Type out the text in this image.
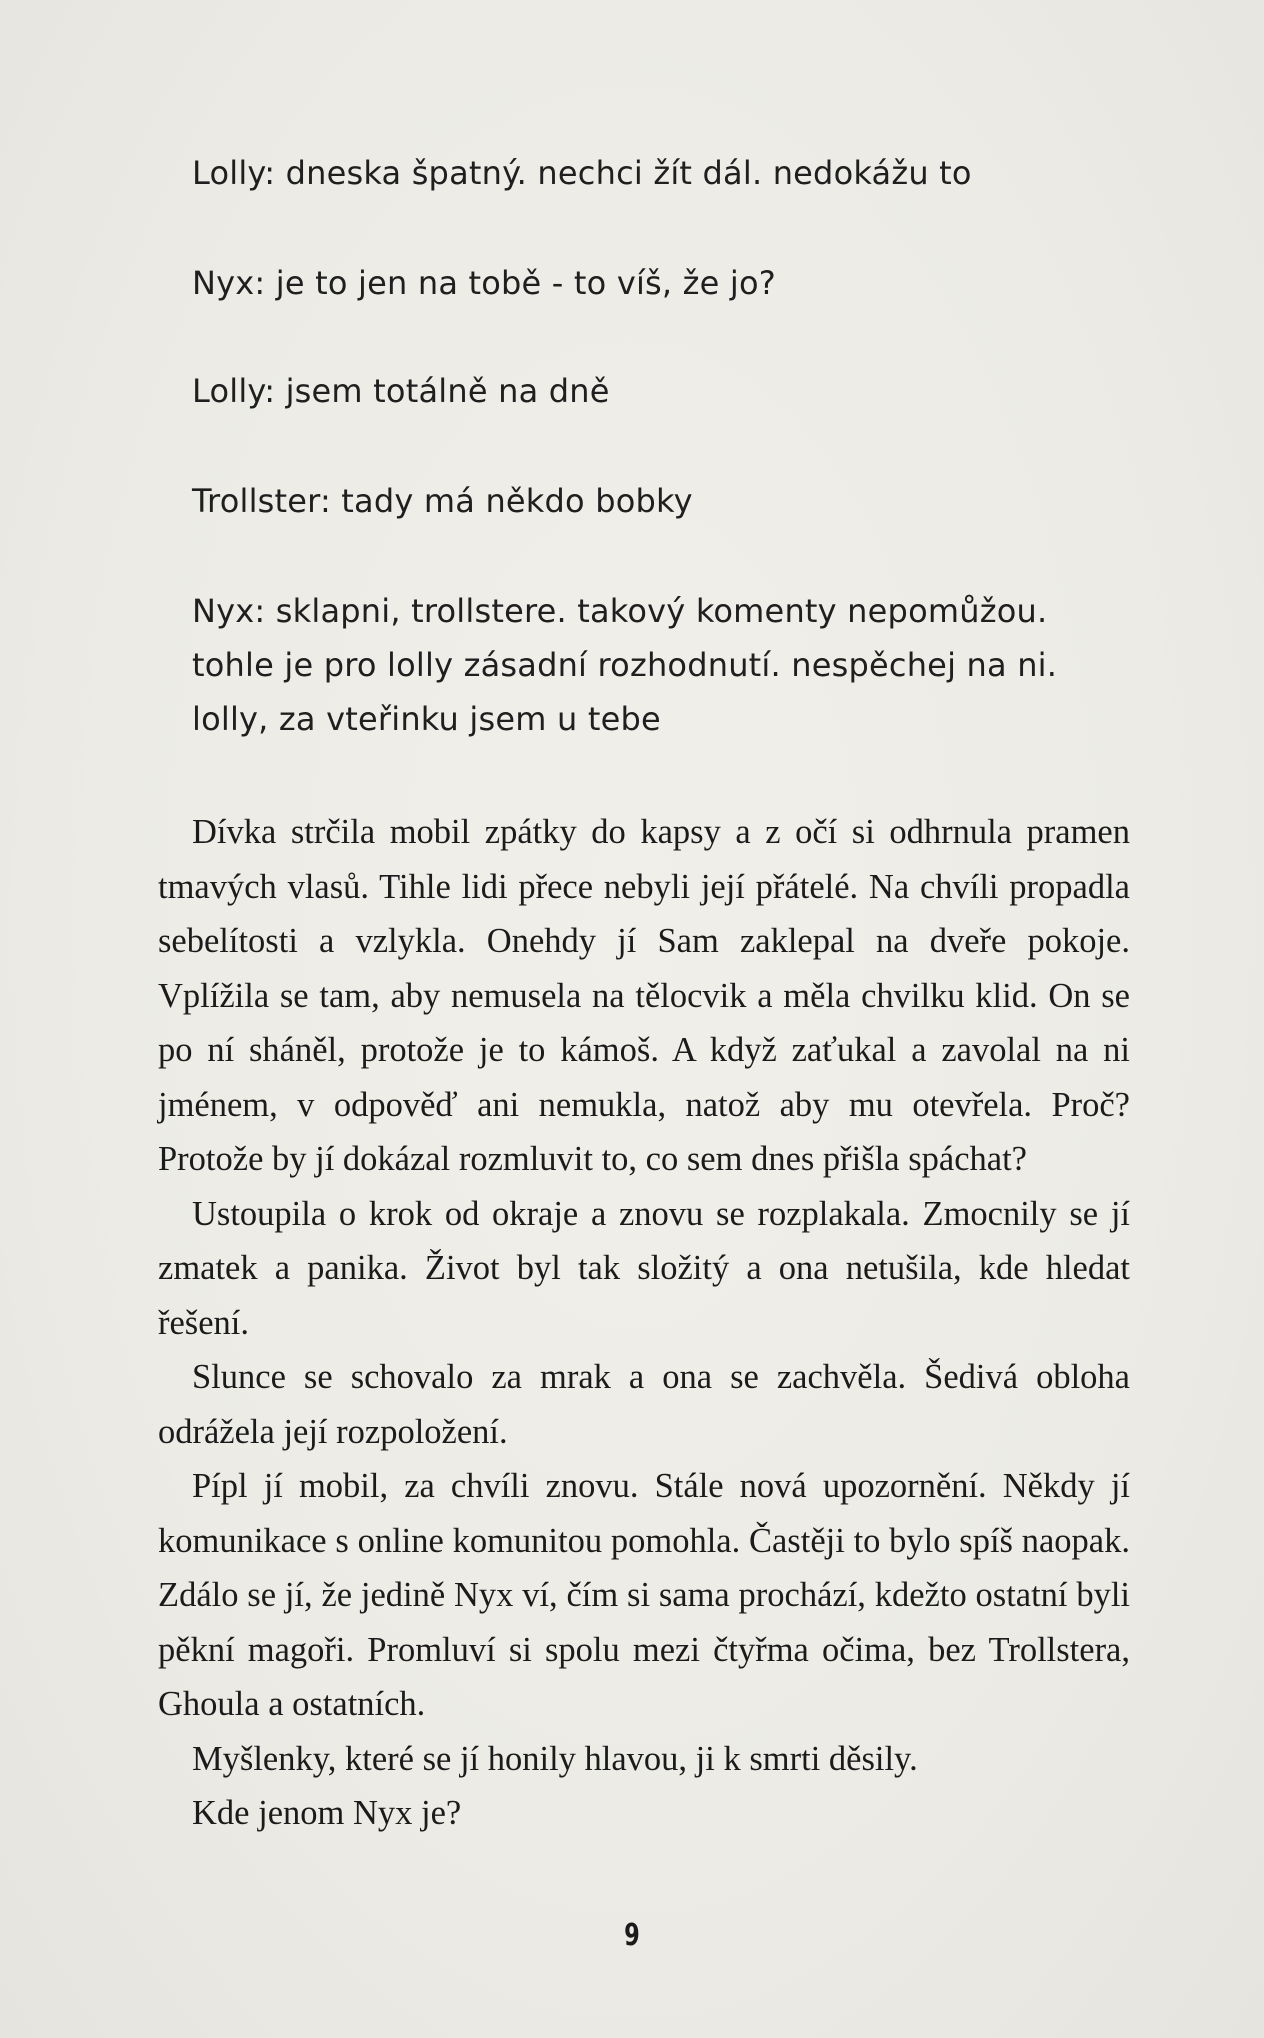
Lolly: dneska špatný. nechci žít dál. nedokážu to
Nyx: je to jen na tobě - to víš, že jo?
Lolly: jsem totálně na dně
Trollster: tady má někdo bobky
Nyx: sklapni, trollstere. takový komenty nepomůžou.
tohle je pro lolly zásadní rozhodnutí. nespěchej na ni.
lolly, za vteřinku jsem u tebe

Dívka strčila mobil zpátky do kapsy a z očí si odhrnula pramen tmavých vlasů. Tihle lidi přece nebyli její přátelé. Na chvíli propadla sebelítosti a vzlykla. Onehdy jí Sam zaklepal na dveře pokoje. Vplížila se tam, aby nemusela na tělocvik a měla chvilku klid. On se po ní sháněl, protože je to kámoš. A když zaťukal a zavolal na ni jménem, v odpověď ani nemukla, natož aby mu otevřela. Proč? Protože by jí dokázal rozmluvit to, co sem dnes přišla spáchat?

Ustoupila o krok od okraje a znovu se rozplakala. Zmocnily se jí zmatek a panika. Život byl tak složitý a ona netušila, kde hledat řešení.

Slunce se schovalo za mrak a ona se zachvěla. Šedivá obloha odrážela její rozpoložení.

Pípl jí mobil, za chvíli znovu. Stále nová upozornění. Někdy jí komunikace s online komunitou pomohla. Častěji to bylo spíš naopak. Zdálo se jí, že jedině Nyx ví, čím si sama prochází, kdežto ostatní byli pěkní magoři. Promluví si spolu mezi čtyřma očima, bez Trollstera, Ghoula a ostatních.

Myšlenky, které se jí honily hlavou, ji k smrti děsily.

Kde jenom Nyx je?

9
